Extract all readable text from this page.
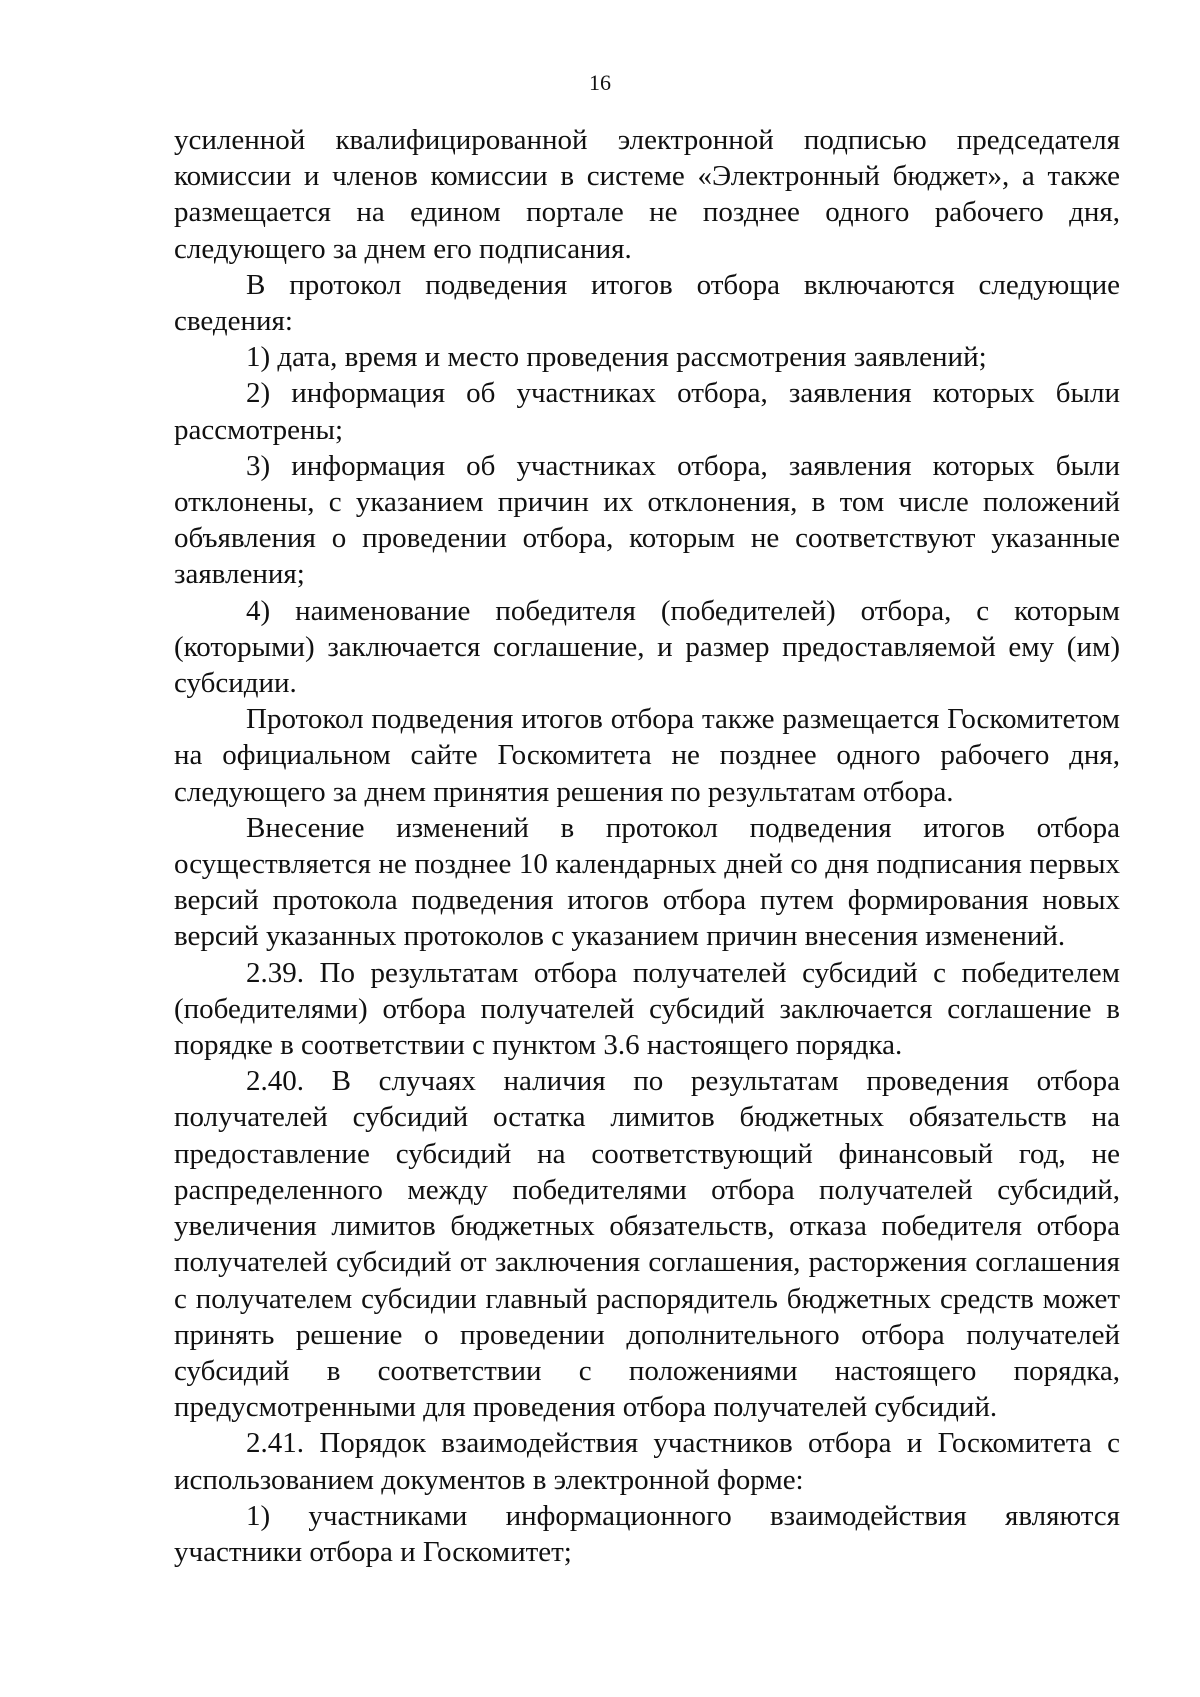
16

усиленной квалифицированной электронной подписью председателя комиссии и членов комиссии в системе «Электронный бюджет», а также размещается на едином портале не позднее одного рабочего дня, следующего за днем его подписания.

В протокол подведения итогов отбора включаются следующие сведения:

1) дата, время и место проведения рассмотрения заявлений;

2) информация об участниках отбора, заявления которых были рассмотрены;

3) информация об участниках отбора, заявления которых были отклонены, с указанием причин их отклонения, в том числе положений объявления о проведении отбора, которым не соответствуют указанные заявления;

4) наименование победителя (победителей) отбора, с которым (которыми) заключается соглашение, и размер предоставляемой ему (им) субсидии.

Протокол подведения итогов отбора также размещается Госкомитетом на официальном сайте Госкомитета не позднее одного рабочего дня, следующего за днем принятия решения по результатам отбора.

Внесение изменений в протокол подведения итогов отбора осуществляется не позднее 10 календарных дней со дня подписания первых версий протокола подведения итогов отбора путем формирования новых версий указанных протоколов с указанием причин внесения изменений.

2.39. По результатам отбора получателей субсидий с победителем (победителями) отбора получателей субсидий заключается соглашение в порядке в соответствии с пунктом 3.6 настоящего порядка.

2.40. В случаях наличия по результатам проведения отбора получателей субсидий остатка лимитов бюджетных обязательств на предоставление субсидий на соответствующий финансовый год, не распределенного между победителями отбора получателей субсидий, увеличения лимитов бюджетных обязательств, отказа победителя отбора получателей субсидий от заключения соглашения, расторжения соглашения с получателем субсидии главный распорядитель бюджетных средств может принять решение о проведении дополнительного отбора получателей субсидий в соответствии с положениями настоящего порядка, предусмотренными для проведения отбора получателей субсидий.

2.41. Порядок взаимодействия участников отбора и Госкомитета с использованием документов в электронной форме:

1) участниками информационного взаимодействия являются участники отбора и Госкомитет;
